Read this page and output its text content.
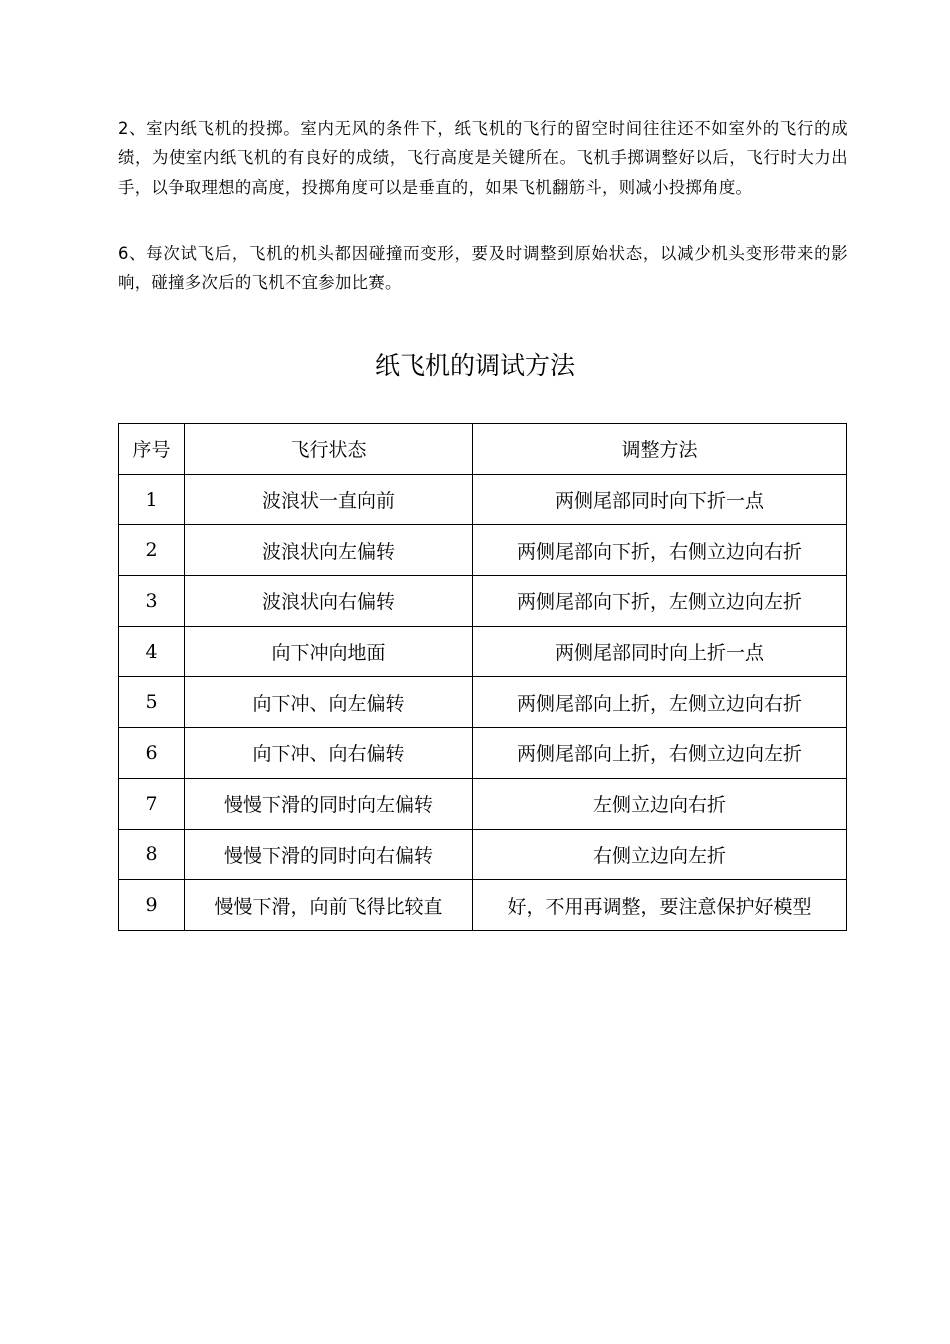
2、室内纸飞机的投掷。室内无风的条件下，纸飞机的飞行的留空时间往往还不如室外的飞行的成绩，为使室内纸飞机的有良好的成绩，飞行高度是关键所在。飞机手掷调整好以后，飞行时大力出手，以争取理想的高度，投掷角度可以是垂直的，如果飞机翻筋斗，则减小投掷角度。

6、每次试飞后，飞机的机头都因碰撞而变形，要及时调整到原始状态，以减少机头变形带来的影响，碰撞多次后的飞机不宜参加比赛。

纸飞机的调试方法
序号	飞行状态	调整方法
1	波浪状一直向前	两侧尾部同时向下折一点
2	波浪状向左偏转	两侧尾部向下折，右侧立边向右折
3	波浪状向右偏转	两侧尾部向下折，左侧立边向左折
4	向下冲向地面	两侧尾部同时向上折一点
5	向下冲、向左偏转	两侧尾部向上折，左侧立边向右折
6	向下冲、向右偏转	两侧尾部向上折，右侧立边向左折
7	慢慢下滑的同时向左偏转	左侧立边向右折
8	慢慢下滑的同时向右偏转	右侧立边向左折
9	慢慢下滑，向前飞得比较直	好，不用再调整，要注意保护好模型
